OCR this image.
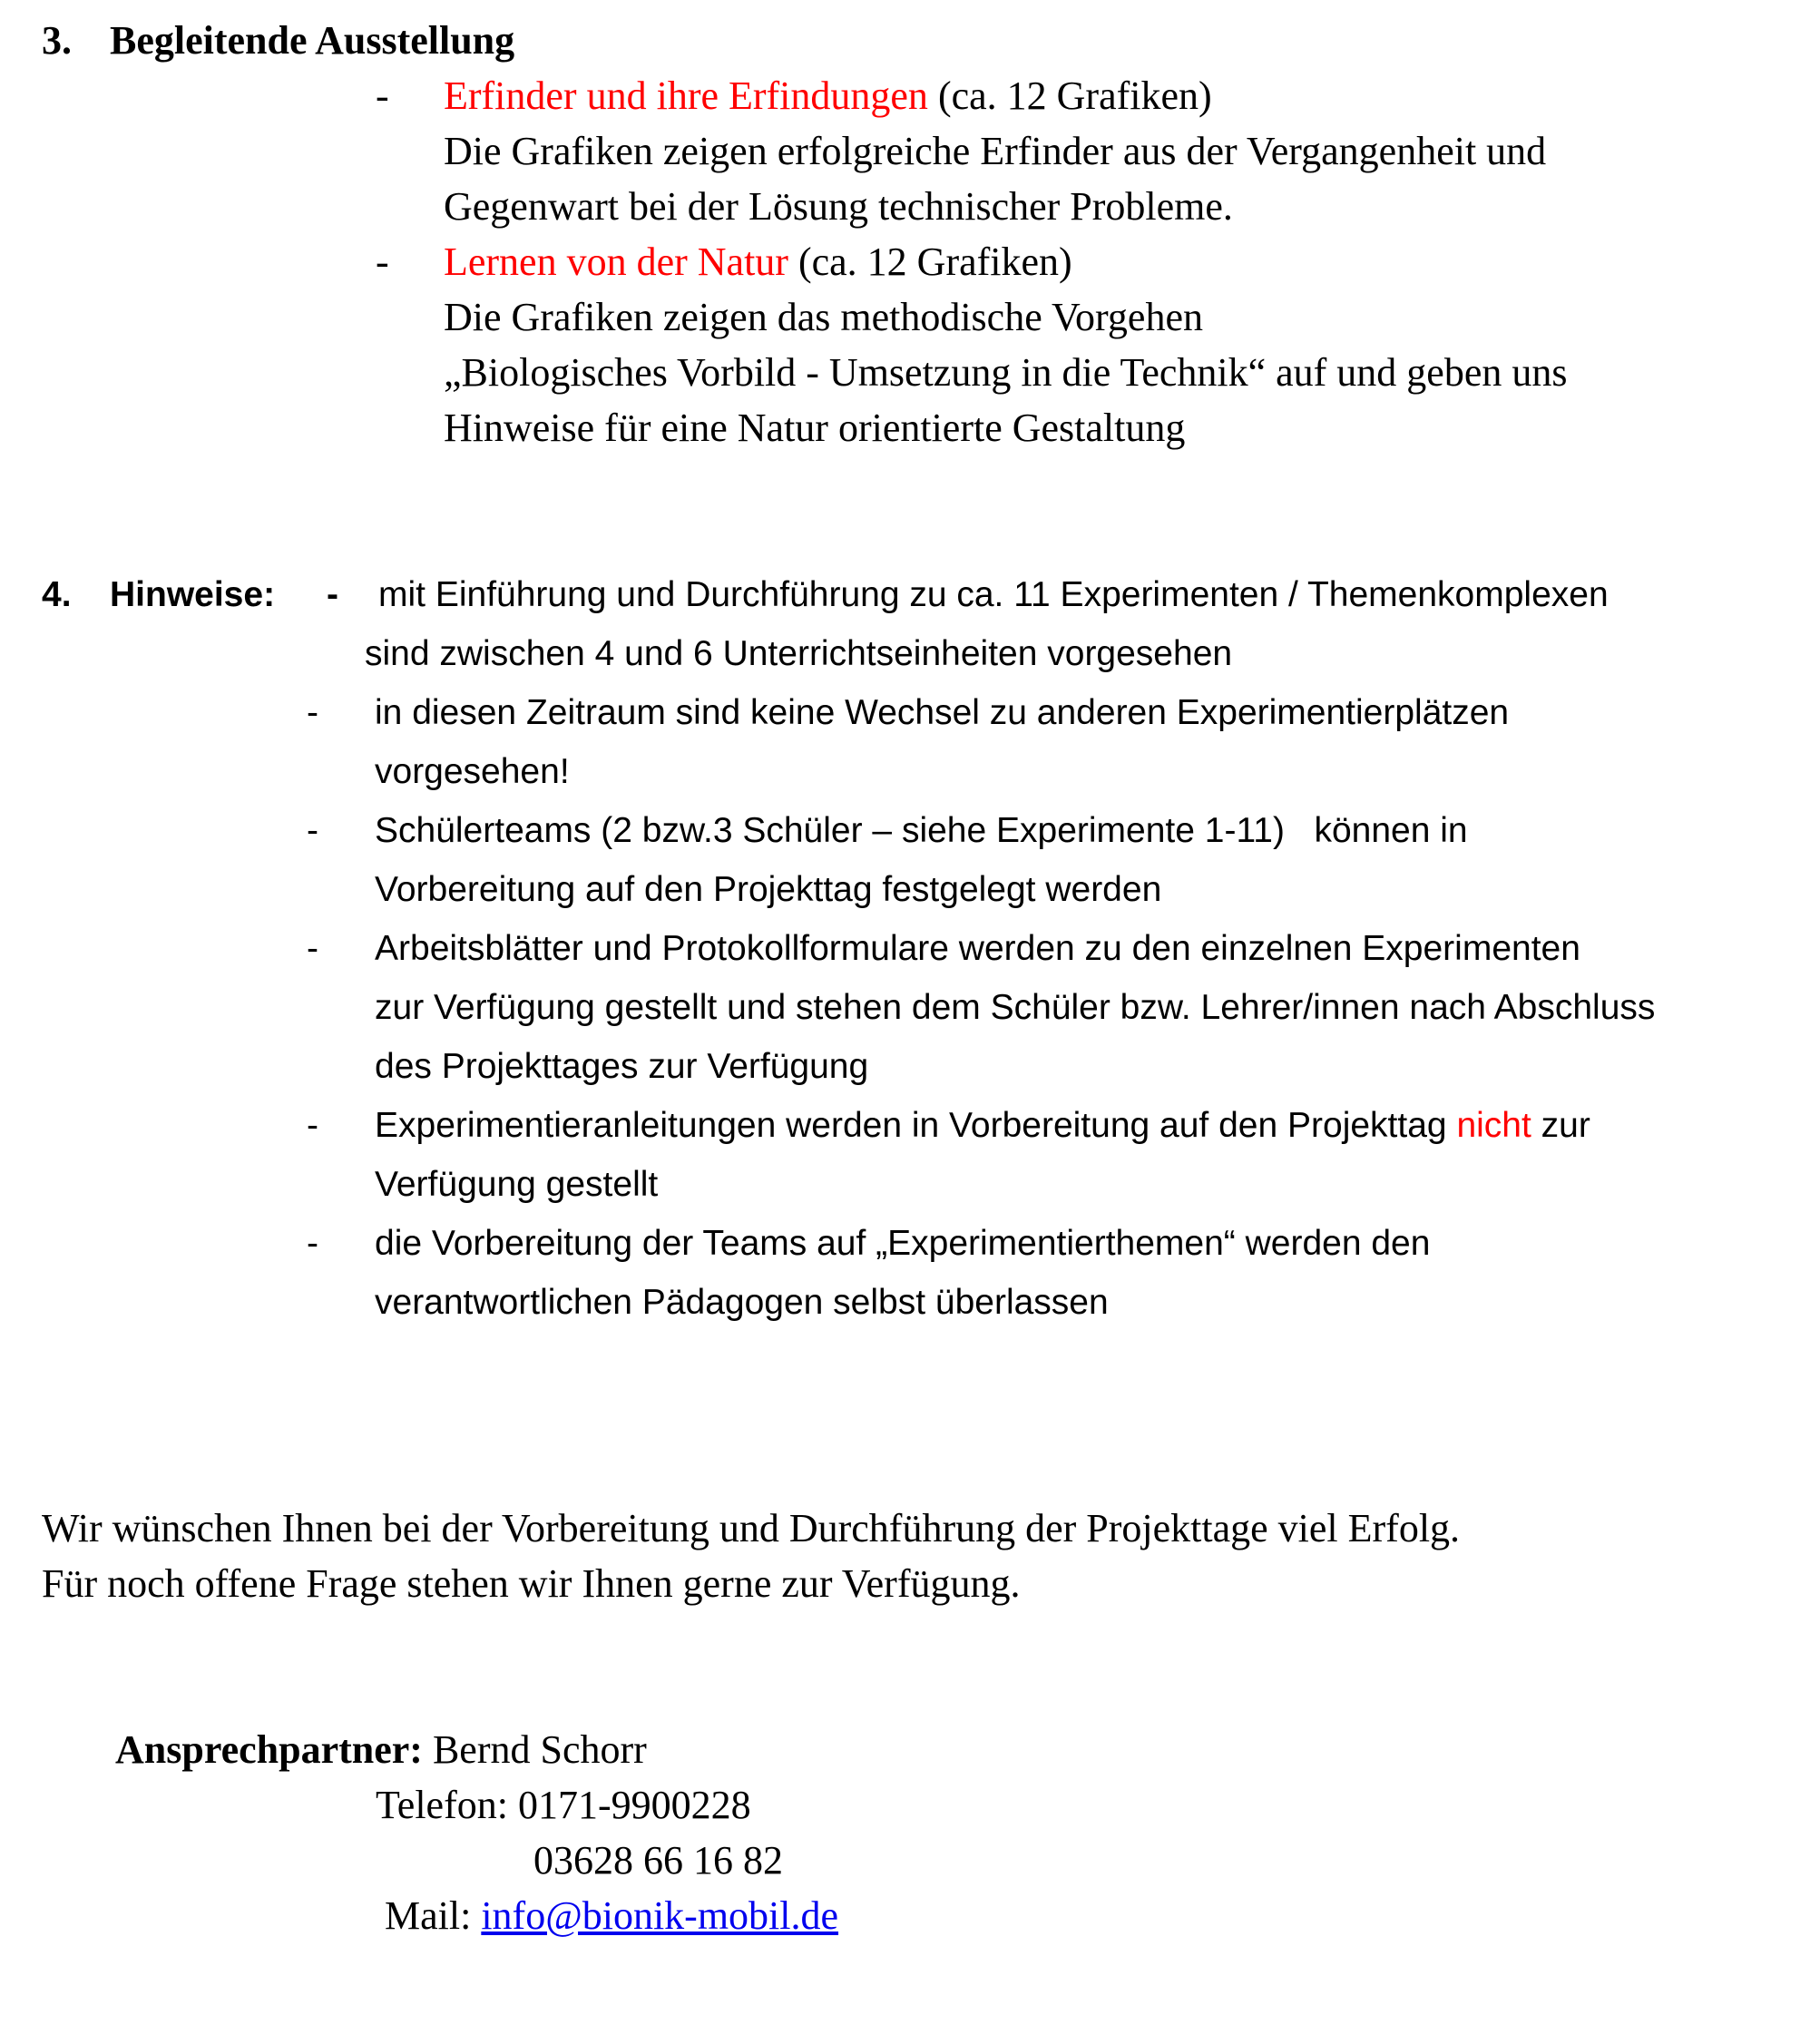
3. Begleitende Ausstellung
- Erfinder und ihre Erfindungen (ca. 12 Grafiken)
Die Grafiken zeigen erfolgreiche Erfinder aus der Vergangenheit und
Gegenwart bei der Lösung technischer Probleme.
- Lernen von der Natur (ca. 12 Grafiken)
Die Grafiken zeigen das methodische Vorgehen
„Biologisches Vorbild - Umsetzung in die Technik“ auf und geben uns
Hinweise für eine Natur orientierte Gestaltung
4. Hinweise: - mit Einführung und Durchführung zu ca. 11 Experimenten / Themenkomplexen
sind zwischen 4 und 6 Unterrichtseinheiten vorgesehen
- in diesen Zeitraum sind keine Wechsel zu anderen Experimentierplätzen
vorgesehen!
- Schülerteams (2 bzw.3 Schüler – siehe Experimente 1-11)   können in
Vorbereitung auf den Projekttag festgelegt werden
- Arbeitsblätter und Protokollformulare werden zu den einzelnen Experimenten
zur Verfügung gestellt und stehen dem Schüler bzw. Lehrer/innen nach Abschluss
des Projekttages zur Verfügung
- Experimentieranleitungen werden in Vorbereitung auf den Projekttag nicht zur
Verfügung gestellt
- die Vorbereitung der Teams auf „Experimentierthemen“ werden den
verantwortlichen Pädagogen selbst überlassen
Wir wünschen Ihnen bei der Vorbereitung und Durchführung der Projekttage viel Erfolg.
Für noch offene Frage stehen wir Ihnen gerne zur Verfügung.
Ansprechpartner: Bernd Schorr
Telefon: 0171-9900228
03628 66 16 82
Mail: info@bionik-mobil.de
